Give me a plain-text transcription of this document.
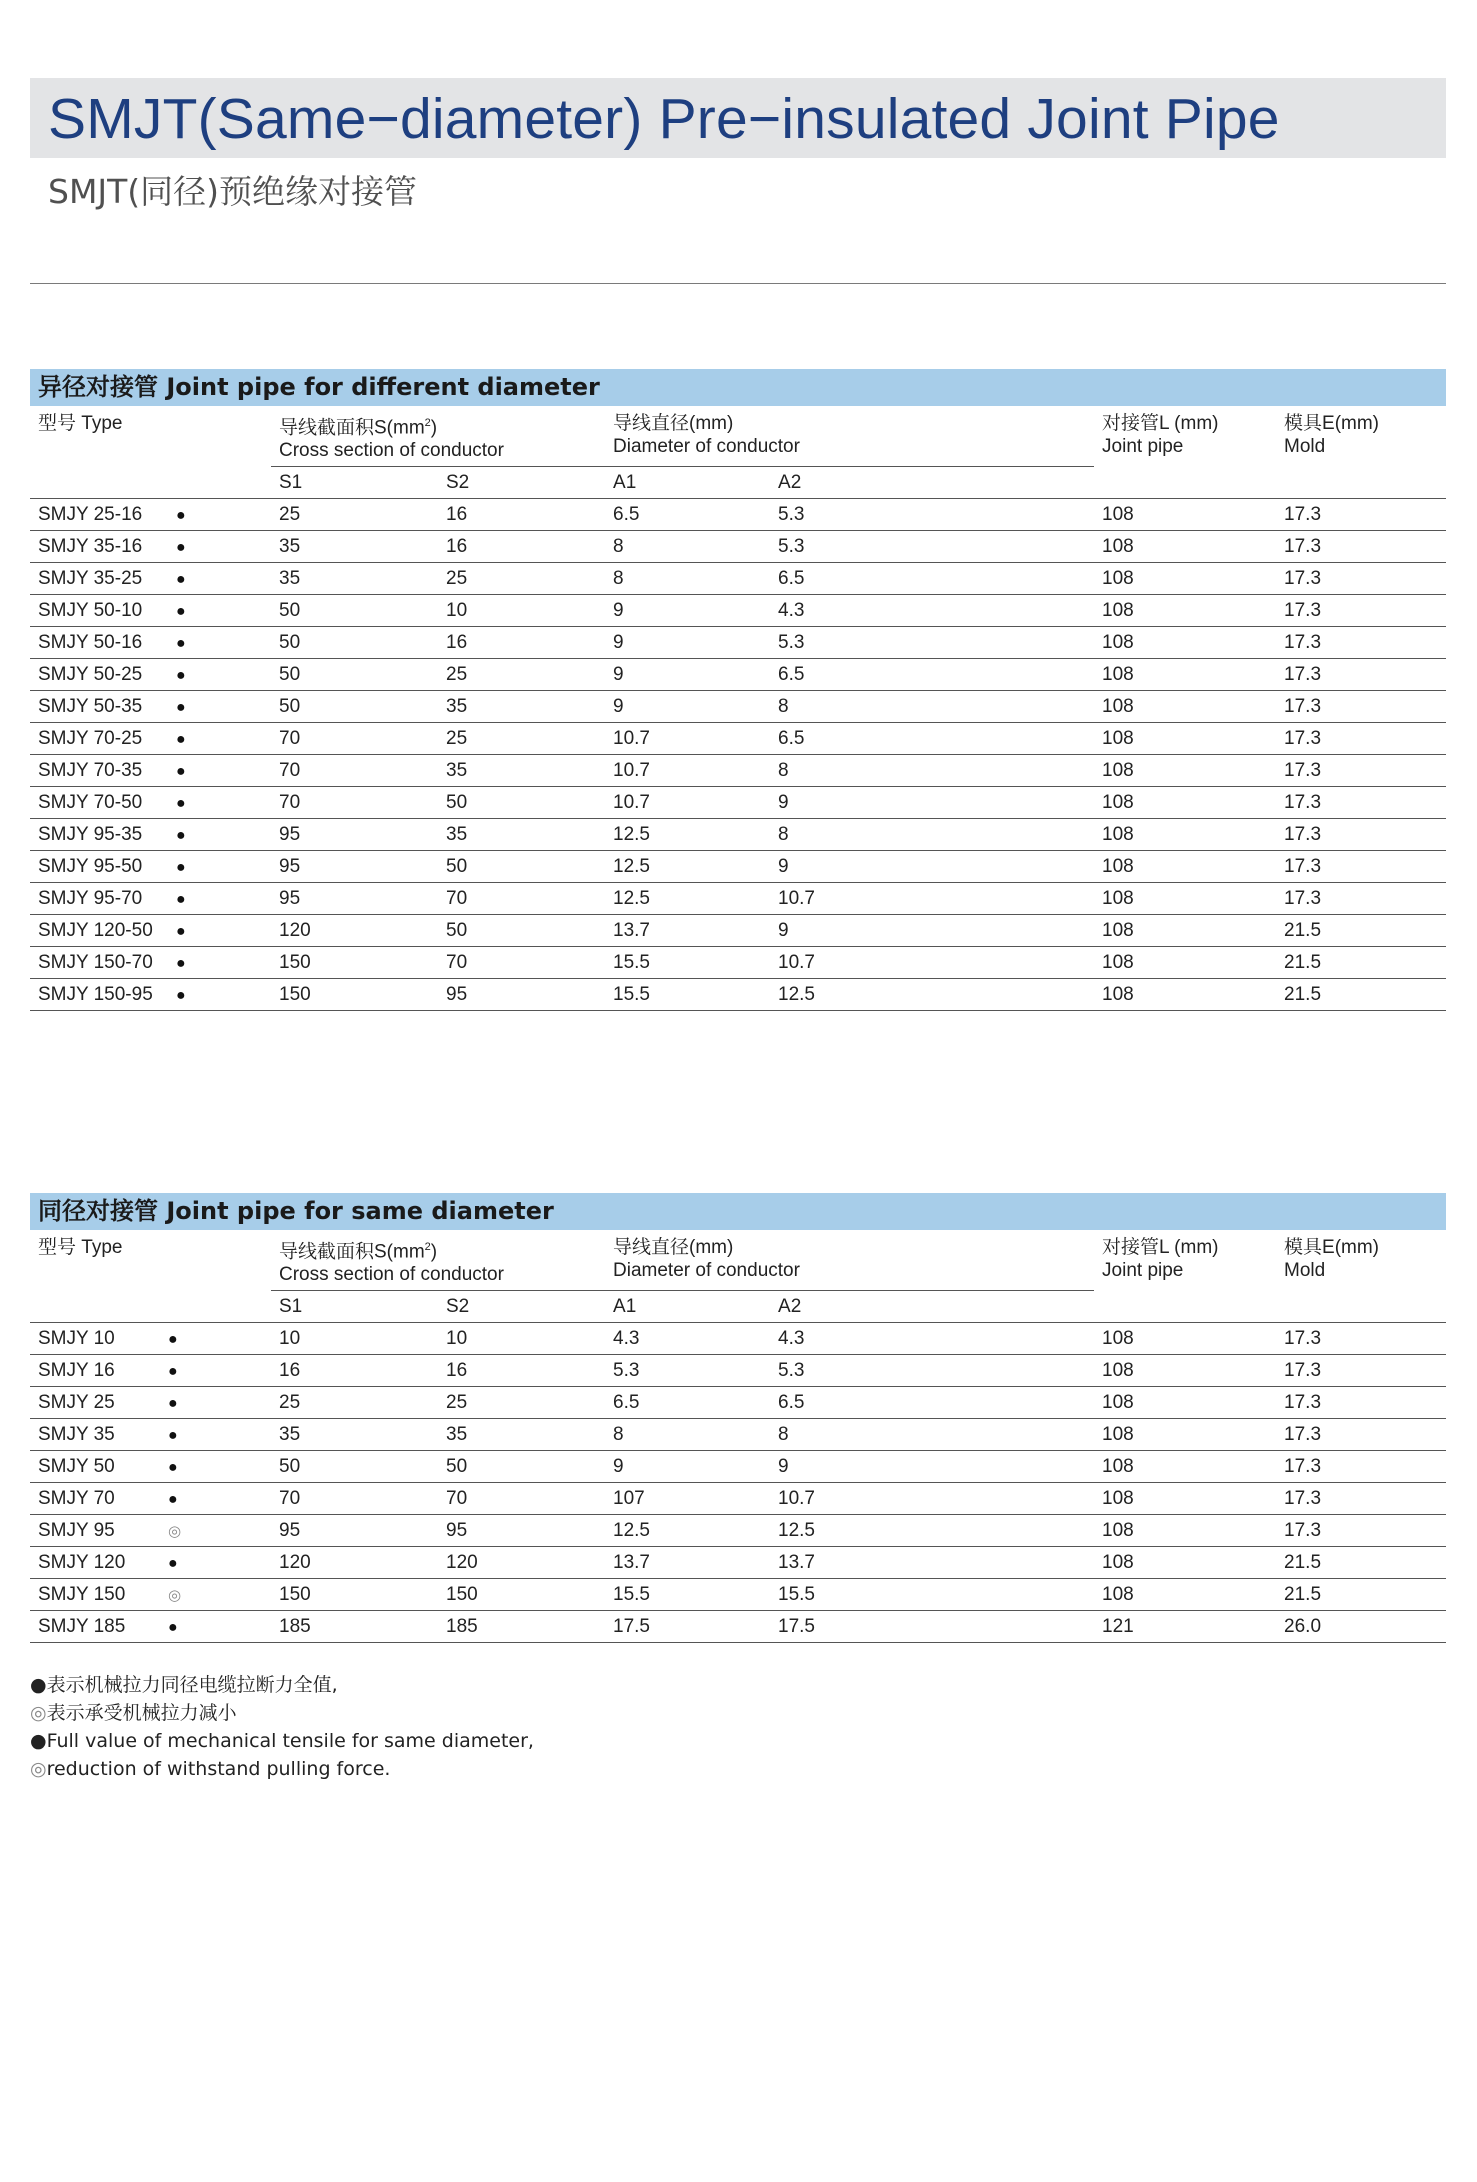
SMJT(Same−diameter) Pre−insulated Joint Pipe
SMJT(同径)预绝缘对接管
异径对接管 Joint pipe for different diameter
型号 Type	导线截面积$S(mm^2)$
Cross section of conductor		导线直径(mm)
Diameter of conductor		对接管L (mm)
Joint pipe	模具E(mm)
Mold	

	S1	S2	A1	A2			
SMJY 25-16 ●	25	16	6.5	5.3	108	17.3	
SMJY 35-16 ●	35	16	8	5.3	108	17.3	
SMJY 35-25 ●	35	25	8	6.5	108	17.3	
SMJY 50-10 ●	50	10	9	4.3	108	17.3	
SMJY 50-16 ●	50	16	9	5.3	108	17.3	
SMJY 50-25 ●	50	25	9	6.5	108	17.3	
SMJY 50-35 ●	50	35	9	8	108	17.3	
SMJY 70-25 ●	70	25	10.7	6.5	108	17.3	
SMJY 70-35 ●	70	35	10.7	8	108	17.3	
SMJY 70-50 ●	70	50	10.7	9	108	17.3	
SMJY 95-35 ●	95	35	12.5	8	108	17.3	
SMJY 95-50 ●	95	50	12.5	9	108	17.3	
SMJY 95-70 ●	95	70	12.5	10.7	108	17.3	
SMJY 120-50 ●	120	50	13.7	9	108	21.5	
SMJY 150-70 ●	150	70	15.5	10.7	108	21.5	
SMJY 150-95 ●	150	95	15.5	12.5	108	21.5	
同径对接管 Joint pipe for same diameter
型号 Type	导线截面积$S(mm^2)$
Cross section of conductor		导线直径(mm)
Diameter of conductor		对接管L (mm)
Joint pipe	模具E(mm)
Mold	

	S1	S2	A1	A2			
SMJY 10 ●	10	10	4.3	4.3	108	17.3	
SMJY 16 ●	16	16	5.3	5.3	108	17.3	
SMJY 25 ●	25	25	6.5	6.5	108	17.3	
SMJY 35 ●	35	35	8	8	108	17.3	
SMJY 50 ●	50	50	9	9	108	17.3	
SMJY 70 ●	70	70	107	10.7	108	17.3	
SMJY 95 ◎	95	95	12.5	12.5	108	17.3	
SMJY 120 ●	120	120	13.7	13.7	108	21.5	
SMJY 150 ◎	150	150	15.5	15.5	108	21.5	
SMJY 185 ●	185	185	17.5	17.5	121	26.0	
●表示机械拉力同径电缆拉断力全值,
◎表示承受机械拉力减小
●Full value of mechanical tensile for same diameter,
◎reduction of withstand pulling force.
